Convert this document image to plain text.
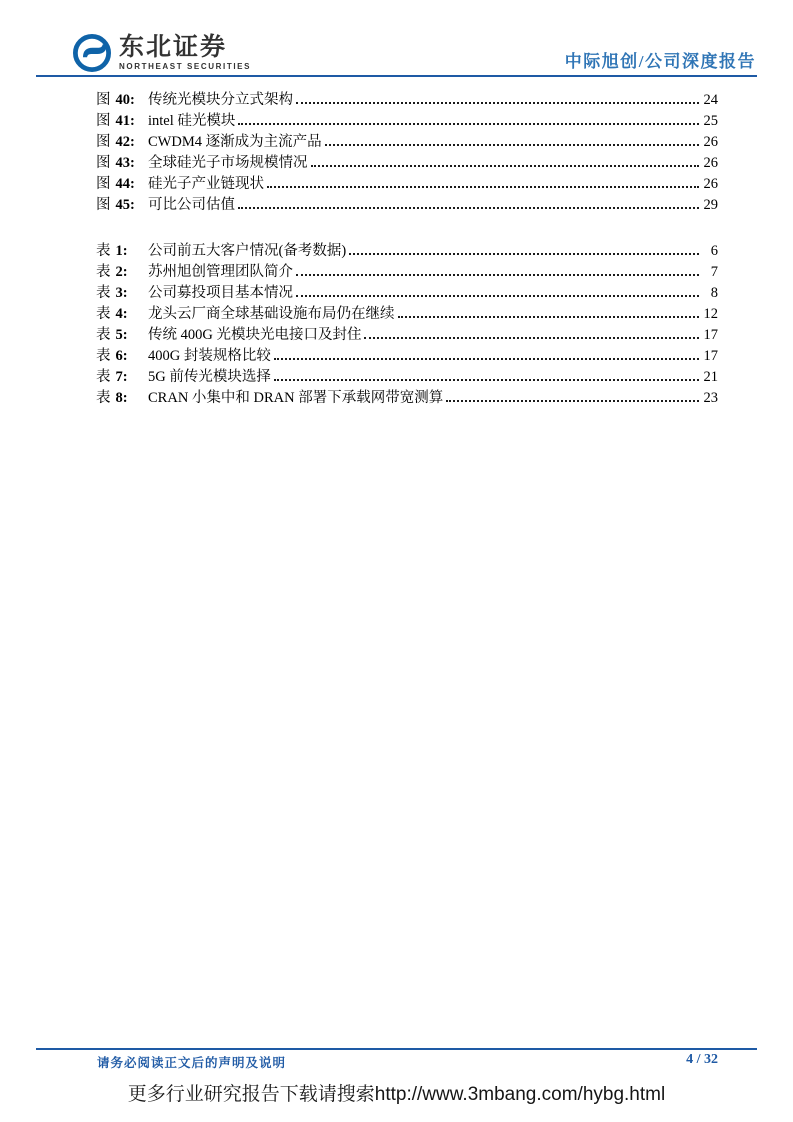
东北证券
NORTHEAST SECURITIES	中际旭创/公司深度报告
图 40: 传统光模块分立式架构	24
图 41: intel 硅光模块	25
图 42: CWDM4 逐渐成为主流产品	26
图 43: 全球硅光子市场规模情况	26
图 44: 硅光子产业链现状	26
图 45: 可比公司估值	29
表 1: 公司前五大客户情况(备考数据)	6
表 2: 苏州旭创管理团队简介	7
表 3: 公司募投项目基本情况	8
表 4: 龙头云厂商全球基础设施布局仍在继续	12
表 5: 传统 400G 光模块光电接口及封住	17
表 6: 400G 封装规格比较	17
表 7: 5G 前传光模块选择	21
表 8: CRAN 小集中和 DRAN 部署下承载网带宽测算	23
请务必阅读正文后的声明及说明	4 / 32
更多行业研究报告下载请搜索http://www.3mbang.com/hybg.html
